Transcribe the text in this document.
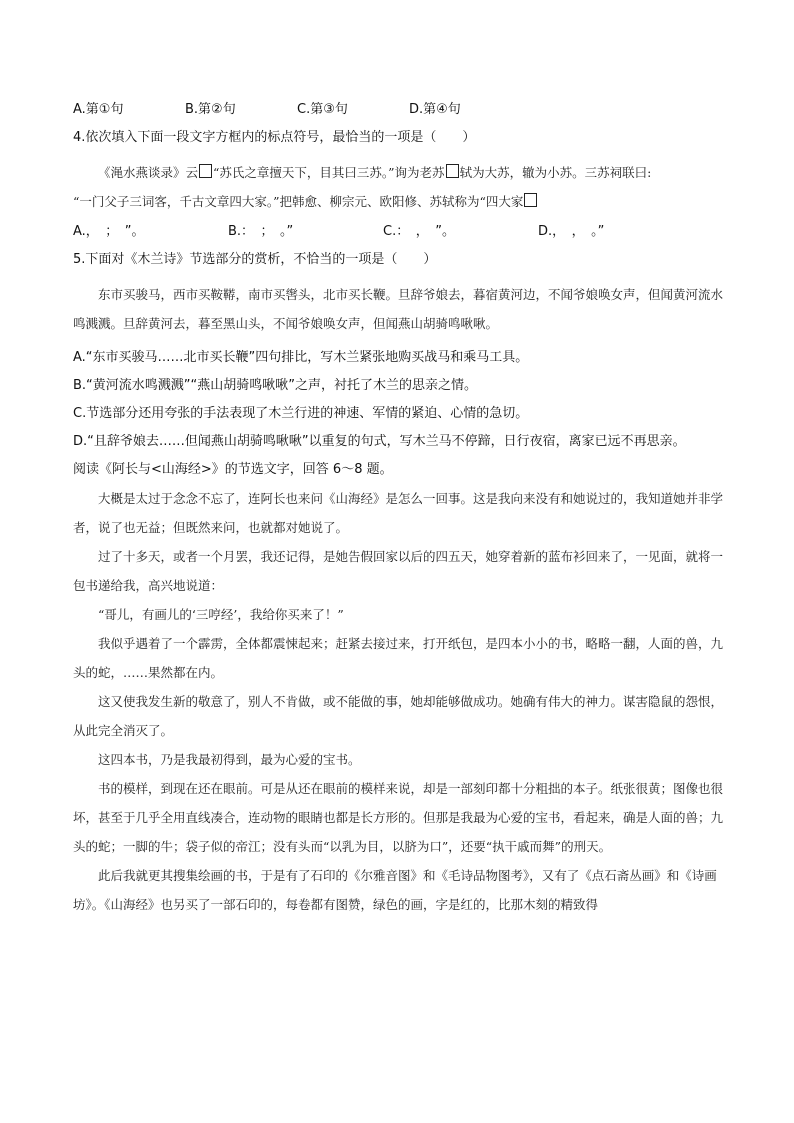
A.第①句	B.第②句	C.第③句	D.第④句
4.依次填入下面一段文字方框内的标点符号，最恰当的一项是（　　）

《渑水燕谈录》云 “苏氏之章擅天下，目其曰三苏。”询为老苏 轼为大苏，辙为小苏。三苏祠联曰:

“一门父子三词客，千古文章四大家。”把韩愈、柳宗元、欧阳修、苏轼称为“四大家

A.，　；　”。	B.：　；　。”	C.：　，　”。	D.，　，　。”
5.下面对《木兰诗》节选部分的赏析，不恰当的一项是（　　）

东市买骏马，西市买鞍鞯，南市买辔头，北市买长鞭。旦辞爷娘去，暮宿黄河边，不闻爷娘唤女声，但闻黄河流水鸣溅溅。旦辞黄河去，暮至黑山头，不闻爷娘唤女声，但闻燕山胡骑鸣啾啾。

A.“东市买骏马……北市买长鞭”四句排比，写木兰紧张地购买战马和乘马工具。

B.“黄河流水鸣溅溅”“燕山胡骑鸣啾啾”之声，衬托了木兰的思亲之情。

C.节选部分还用夸张的手法表现了木兰行进的神速、军情的紧迫、心情的急切。

D.“且辞爷娘去……但闻燕山胡骑鸣啾啾”以重复的句式，写木兰马不停蹄，日行夜宿，离家已远不再思亲。

阅读《阿长与<山海经>》的节选文字，回答 6～8 题。

大概是太过于念念不忘了，连阿长也来问《山海经》是怎么一回事。这是我向来没有和她说过的，我知道她并非学者，说了也无益；但既然来问，也就都对她说了。

过了十多天，或者一个月罢，我还记得，是她告假回家以后的四五天，她穿着新的蓝布衫回来了，一见面，就将一包书递给我，高兴地说道：

“哥儿，有画儿的‘三哼经’，我给你买来了！”

我似乎遇着了一个霹雳，全体都震悚起来；赶紧去接过来，打开纸包，是四本小小的书，略略一翻，人面的兽，九头的蛇，……果然都在内。

这又使我发生新的敬意了，别人不肯做，或不能做的事，她却能够做成功。她确有伟大的神力。谋害隐鼠的怨恨，从此完全消灭了。

这四本书，乃是我最初得到，最为心爱的宝书。

书的模样，到现在还在眼前。可是从还在眼前的模样来说，却是一部刻印都十分粗拙的本子。纸张很黄；图像也很坏，甚至于几乎全用直线凑合，连动物的眼睛也都是长方形的。但那是我最为心爱的宝书，看起来，确是人面的兽；九头的蛇；一脚的牛；袋子似的帝江；没有头而“以乳为目，以脐为口”，还要“执干戚而舞”的刑天。

此后我就更其搜集绘画的书，于是有了石印的《尔雅音图》和《毛诗品物图考》，又有了《点石斋丛画》和《诗画坊》。《山海经》也另买了一部石印的，每卷都有图赞，绿色的画，字是红的，比那木刻的精致得
